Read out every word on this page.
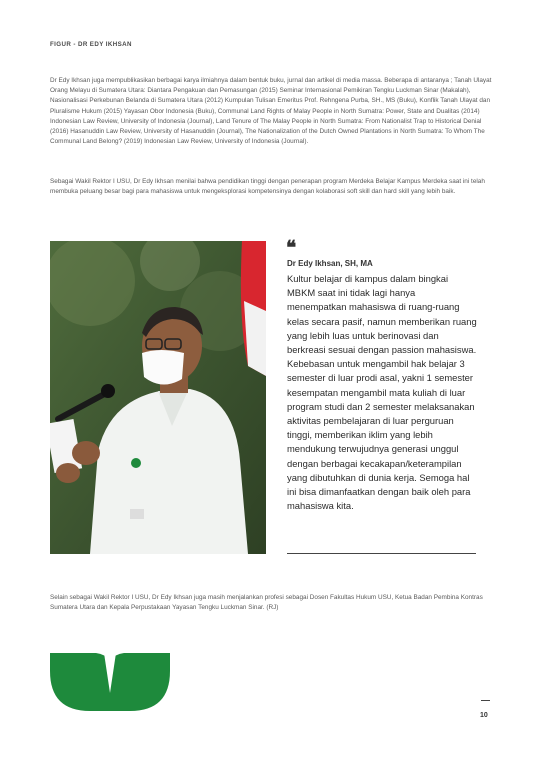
FIGUR - DR EDY IKHSAN

Dr Edy Ikhsan juga mempublikasikan berbagai karya ilmiahnya dalam bentuk buku, jurnal dan artikel di media massa. Beberapa di antaranya ; Tanah Ulayat Orang Melayu di Sumatera Utara: Diantara Pengakuan dan Pemasungan (2015) Seminar Internasional Pemikiran Tengku Luckman Sinar (Makalah), Nasionalisasi Perkebunan Belanda di Sumatera Utara (2012) Kumpulan Tulisan Emeritus Prof. Rehngena Purba, SH., MS (Buku), Konflik Tanah Ulayat dan Pluralisme Hukum (2015) Yayasan Obor Indonesia (Buku), Communal Land Rights of Malay People in North Sumatra: Power, State and Dualitas (2014) Indonesian Law Review, University of Indonesia (Journal), Land Tenure of The Malay People in North Sumatra: From Nationalist Trap to Historical Denial (2016) Hasanuddin Law Review, University of Hasanuddin (Journal), The Nationalization of the Dutch Owned Plantations in North Sumatra: To Whom The Communal Land Belong? (2019) Indonesian Law Review, University of Indonesia (Journal).

Sebagai Wakil Rektor I USU, Dr Edy Ikhsan menilai bahwa pendidikan tinggi dengan penerapan program Merdeka Belajar Kampus Merdeka saat ini telah membuka peluang besar bagi para mahasiswa untuk mengeksplorasi kompetensinya dengan kolaborasi soft skill dan hard skill yang lebih baik.

❝
Dr Edy Ikhsan, SH, MA

Kultur belajar di kampus dalam bingkai MBKM saat ini tidak lagi hanya menempatkan mahasiswa di ruang-ruang kelas secara pasif, namun memberikan ruang yang lebih luas untuk berinovasi dan berkreasi sesuai dengan passion mahasiswa. Kebebasan untuk mengambil hak belajar 3 semester di luar prodi asal, yakni 1 semester kesempatan mengambil mata kuliah di luar program studi dan 2 semester melaksanakan aktivitas pembelajaran di luar perguruan tinggi, memberikan iklim yang lebih mendukung terwujudnya generasi unggul dengan berbagai kecakapan/keterampilan yang dibutuhkan di dunia kerja. Semoga hal ini bisa dimanfaatkan dengan baik oleh para mahasiswa kita.

Selain sebagai Wakil Rektor I USU, Dr Edy Ikhsan juga masih menjalankan profesi sebagai Dosen Fakultas Hukum USU, Ketua Badan Pembina Kontras Sumatera Utara dan Kepala Perpustakaan Yayasan Tengku Luckman Sinar. (RJ)

10
